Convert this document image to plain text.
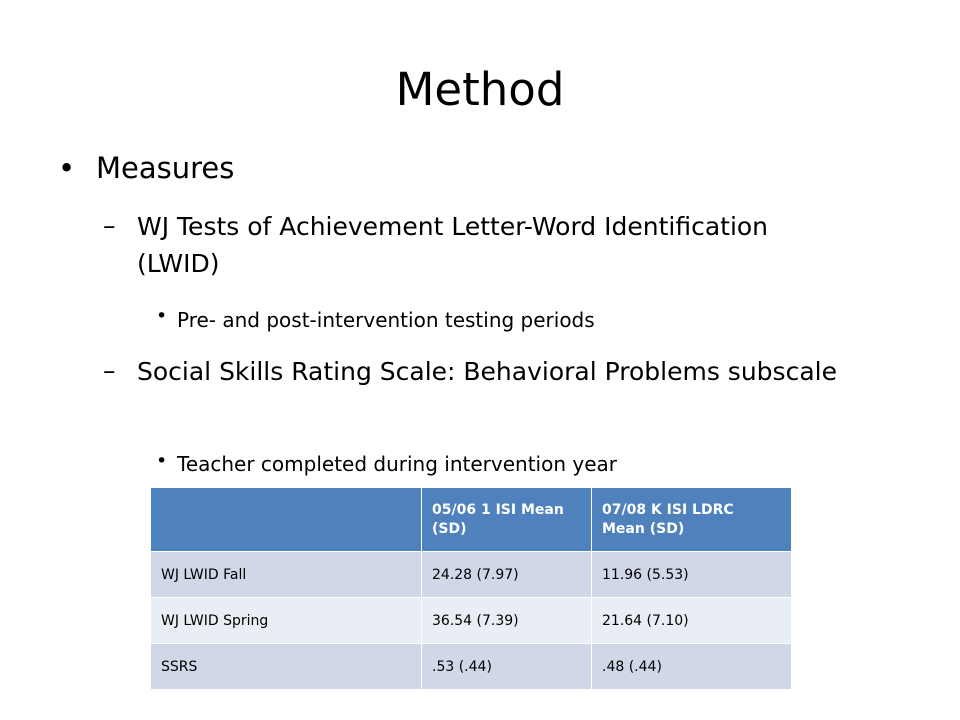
Method
• Measures
– WJ Tests of Achievement Letter-Word Identification (LWID)
• Pre- and post-intervention testing periods
– Social Skills Rating Scale: Behavioral Problems subscale
• Teacher completed during intervention year
	05/06 1 ISI Mean (SD)	07/08 K ISI LDRC Mean (SD)
WJ LWID Fall	24.28 (7.97)	11.96 (5.53)
WJ LWID Spring	36.54 (7.39)	21.64 (7.10)
SSRS	.53 (.44)	.48 (.44)
